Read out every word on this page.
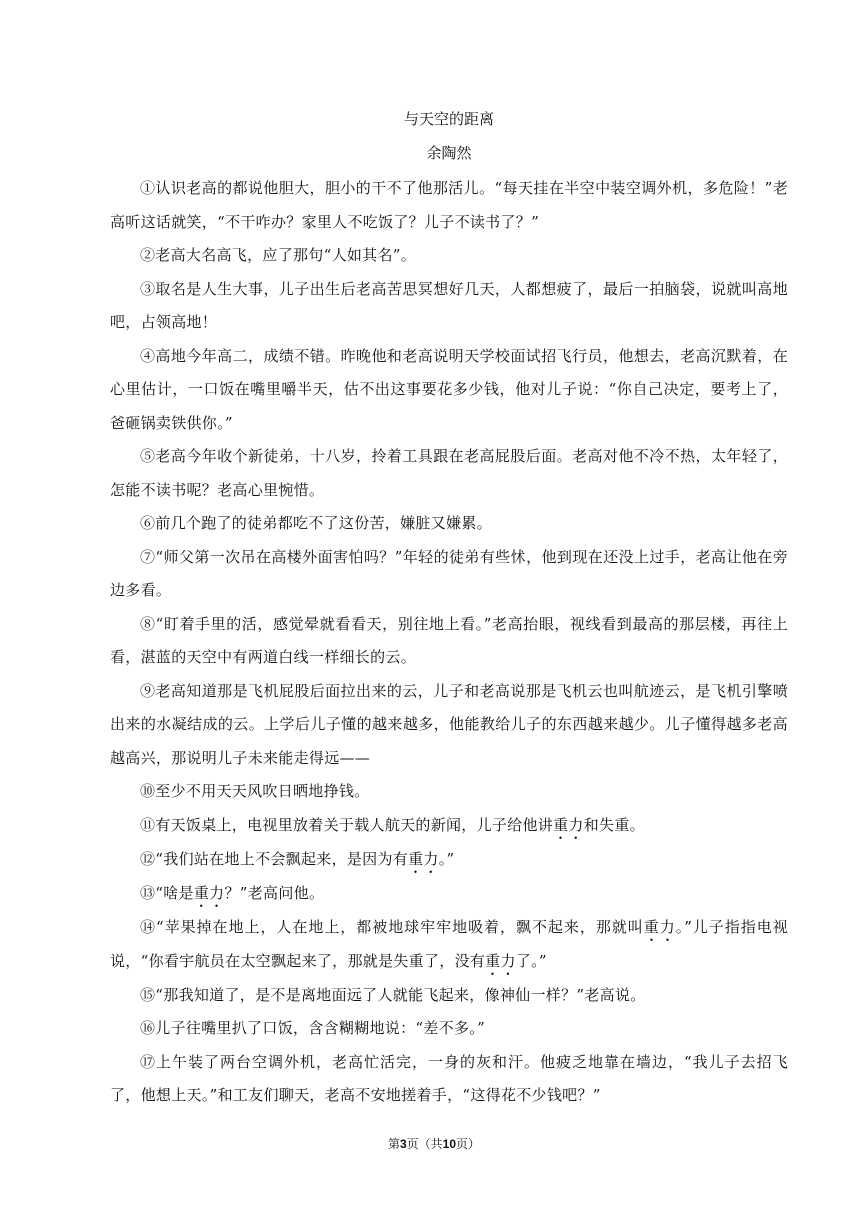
与天空的距离
余陶然

①认识老高的都说他胆大，胆小的干不了他那活儿。“每天挂在半空中装空调外机，多危险！”老高听这话就笑，“不干咋办？家里人不吃饭了？儿子不读书了？”

②老高大名高飞，应了那句“人如其名”。

③取名是人生大事，儿子出生后老高苦思冥想好几天，人都想疲了，最后一拍脑袋，说就叫高地吧，占领高地！

④高地今年高二，成绩不错。昨晚他和老高说明天学校面试招飞行员，他想去，老高沉默着，在心里估计，一口饭在嘴里嚼半天，估不出这事要花多少钱，他对儿子说：“你自己决定，要考上了，爸砸锅卖铁供你。”

⑤老高今年收个新徒弟，十八岁，拎着工具跟在老高屁股后面。老高对他不冷不热，太年轻了，怎能不读书呢？老高心里惋惜。

⑥前几个跑了的徒弟都吃不了这份苦，嫌脏又嫌累。

⑦“师父第一次吊在高楼外面害怕吗？”年轻的徒弟有些怵，他到现在还没上过手，老高让他在旁边多看。

⑧“盯着手里的活，感觉晕就看看天，别往地上看。”老高抬眼，视线看到最高的那层楼，再往上看，湛蓝的天空中有两道白线一样细长的云。

⑨老高知道那是飞机屁股后面拉出来的云，儿子和老高说那是飞机云也叫航迹云，是飞机引擎喷出来的水凝结成的云。上学后儿子懂的越来越多，他能教给儿子的东西越来越少。儿子懂得越多老高越高兴，那说明儿子未来能走得远——

⑩至少不用天天风吹日晒地挣钱。

⑪有天饭桌上，电视里放着关于载人航天的新闻，儿子给他讲重力和失重。

⑫“我们站在地上不会飘起来，是因为有重力。”

⑬“啥是重力？”老高问他。

⑭“苹果掉在地上，人在地上，都被地球牢牢地吸着，飘不起来，那就叫重力。”儿子指指电视说，“你看宇航员在太空飘起来了，那就是失重了，没有重力了。”

⑮“那我知道了，是不是离地面远了人就能飞起来，像神仙一样？”老高说。

⑯儿子往嘴里扒了口饭，含含糊糊地说：“差不多。”

⑰上午装了两台空调外机，老高忙活完，一身的灰和汗。他疲乏地靠在墙边，“我儿子去招飞了，他想上天。”和工友们聊天，老高不安地搓着手，“这得花不少钱吧？”

第3页（共10页）
